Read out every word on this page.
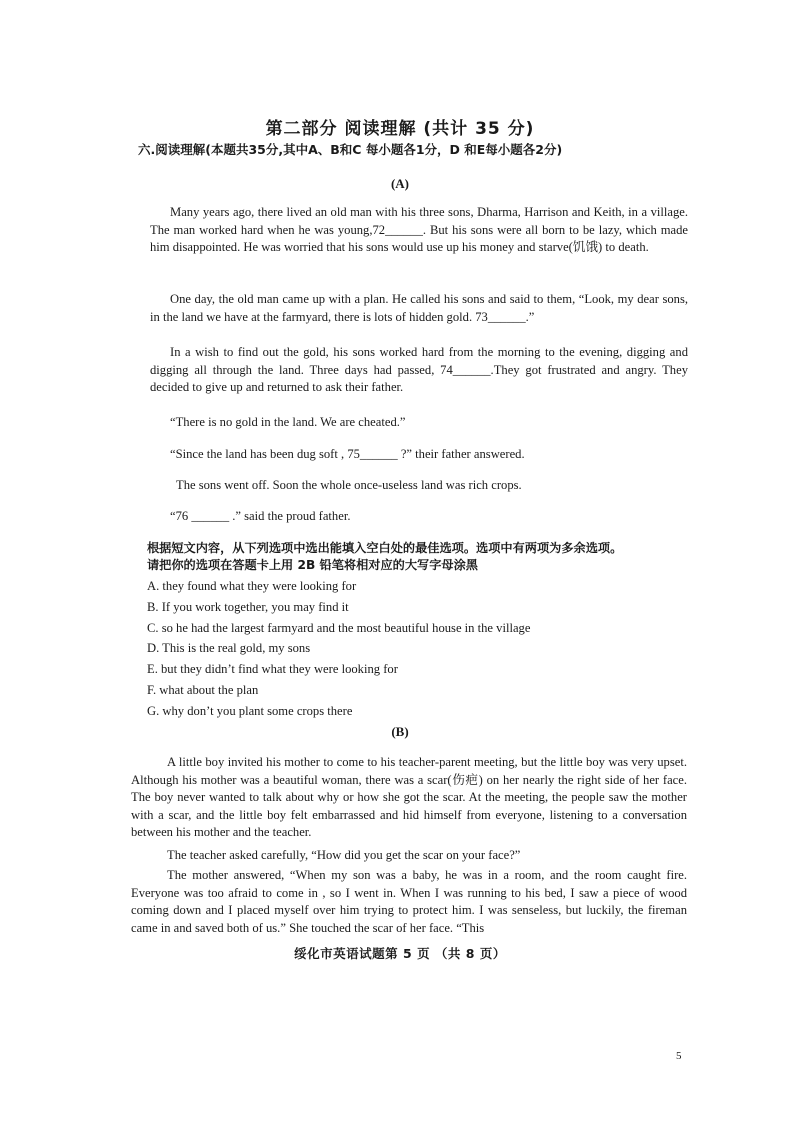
第二部分 阅读理解 (共计 35 分)
六.阅读理解(本题共35分,其中A、B和C 每小题各1分，D 和E每小题各2分)
(A)
Many years ago, there lived an old man with his three sons, Dharma, Harrison and Keith, in a village. The man worked hard when he was young,72______. But his sons were all born to be lazy, which made him disappointed. He was worried that his sons would use up his money and starve(饥饿) to death.
One day, the old man came up with a plan. He called his sons and said to them, “Look, my dear sons, in the land we have at the farmyard, there is lots of hidden gold. 73______.”
In a wish to find out the gold, his sons worked hard from the morning to the evening, digging and digging all through the land. Three days had passed, 74______.They got frustrated and angry. They decided to give up and returned to ask their father.
“There is no gold in the land. We are cheated.”
“Since the land has been dug soft , 75______ ?” their father answered.
The sons went off. Soon the whole once-useless land was rich crops.
“76 ______ .” said the proud father.
根据短文内容，从下列选项中选出能填入空白处的最佳选项。选项中有两项为多余选项。
请把你的选项在答题卡上用 2B 铅笔将相对应的大写字母涂黑
A. they found what they were looking for
B. If you work together, you may find it
C. so he had the largest farmyard and the most beautiful house in the village
D. This is the real gold, my sons
E. but they didn’t find what they were looking for
F. what about the plan
G. why don’t you plant some crops there
(B)
A little boy invited his mother to come to his teacher-parent meeting, but the little boy was very upset. Although his mother was a beautiful woman, there was a scar(伤疤) on her nearly the right side of her face. The boy never wanted to talk about why or how she got the scar. At the meeting, the people saw the mother with a scar, and the little boy felt embarrassed and hid himself from everyone, listening to a conversation between his mother and the teacher.
The teacher asked carefully, “How did you get the scar on your face?”
The mother answered, “When my son was a baby, he was in a room, and the room caught fire. Everyone was too afraid to come in , so I went in. When I was running to his bed, I saw a piece of wood coming down and I placed myself over him trying to protect him. I was senseless, but luckily, the fireman came in and saved both of us.” She touched the scar of her face. “This
绥化市英语试题第 5 页 （共 8 页）
5
